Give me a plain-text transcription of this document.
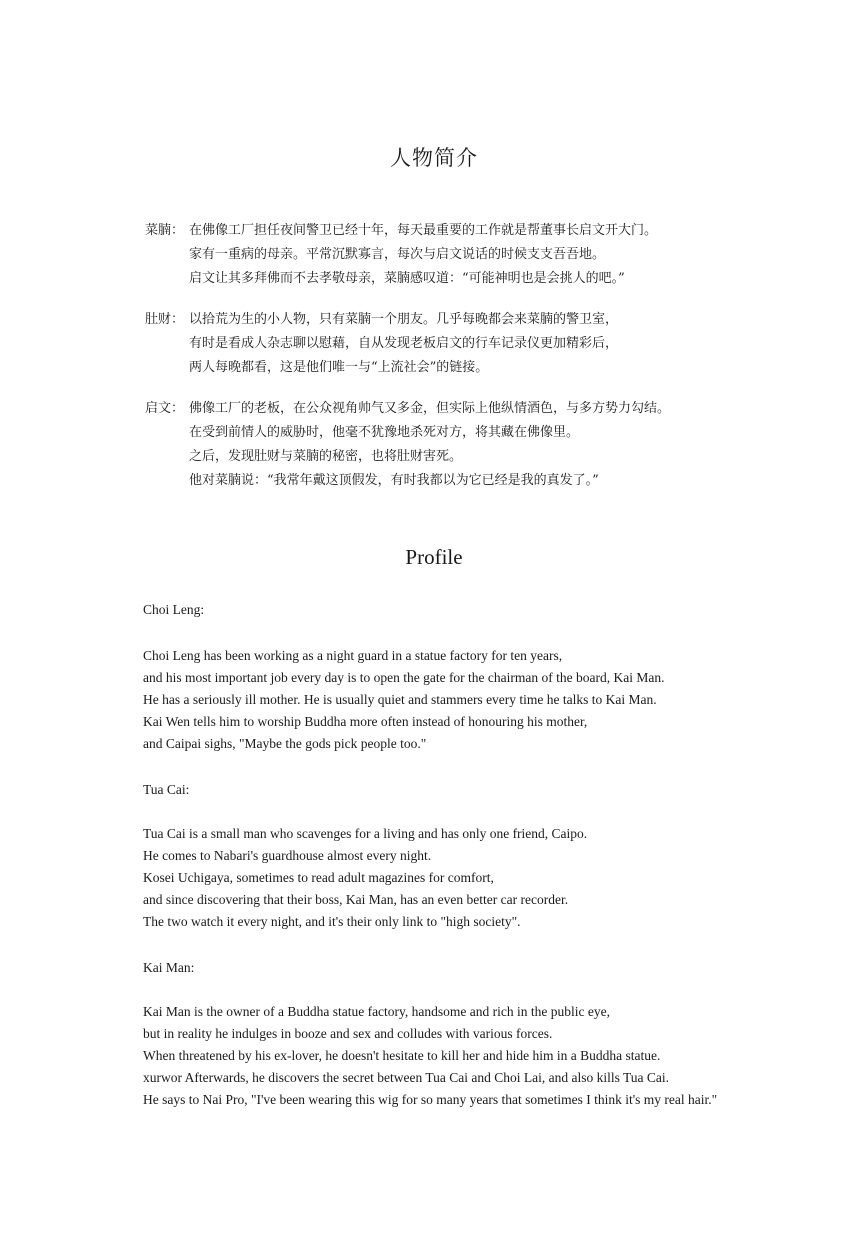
人物简介
菜腩： 在佛像工厂担任夜间警卫已经十年，每天最重要的工作就是帮董事长启文开大门。
家有一重病的母亲。平常沉默寡言，每次与启文说话的时候支支吾吾地。
启文让其多拜佛而不去孝敬母亲，菜腩感叹道：“可能神明也是会挑人的吧。”
肚财： 以拾荒为生的小人物，只有菜腩一个朋友。几乎每晚都会来菜腩的警卫室，
有时是看成人杂志聊以慰藉，自从发现老板启文的行车记录仪更加精彩后，
两人每晚都看，这是他们唯一与“上流社会”的链接。
启文： 佛像工厂的老板，在公众视角帅气又多金，但实际上他纵情酒色，与多方势力勾结。
在受到前情人的威胁时，他毫不犹豫地杀死对方，将其藏在佛像里。
之后，发现肚财与菜腩的秘密，也将肚财害死。
他对菜腩说：“我常年戴这顶假发，有时我都以为它已经是我的真发了。”
Profile
Choi Leng:
Choi Leng has been working as a night guard in a statue factory for ten years,
and his most important job every day is to open the gate for the chairman of the board, Kai Man.
He has a seriously ill mother. He is usually quiet and stammers every time he talks to Kai Man.
Kai Wen tells him to worship Buddha more often instead of honouring his mother,
and Caipai sighs, "Maybe the gods pick people too."
Tua Cai:
Tua Cai is a small man who scavenges for a living and has only one friend, Caipo.
He comes to Nabari's guardhouse almost every night.
Kosei Uchigaya, sometimes to read adult magazines for comfort,
and since discovering that their boss, Kai Man, has an even better car recorder.
The two watch it every night, and it's their only link to "high society".
Kai Man:
Kai Man is the owner of a Buddha statue factory, handsome and rich in the public eye,
but in reality he indulges in booze and sex and colludes with various forces.
When threatened by his ex-lover, he doesn't hesitate to kill her and hide him in a Buddha statue.
xurwor Afterwards, he discovers the secret between Tua Cai and Choi Lai, and also kills Tua Cai.
He says to Nai Pro, "I've been wearing this wig for so many years that sometimes I think it's my real hair."
